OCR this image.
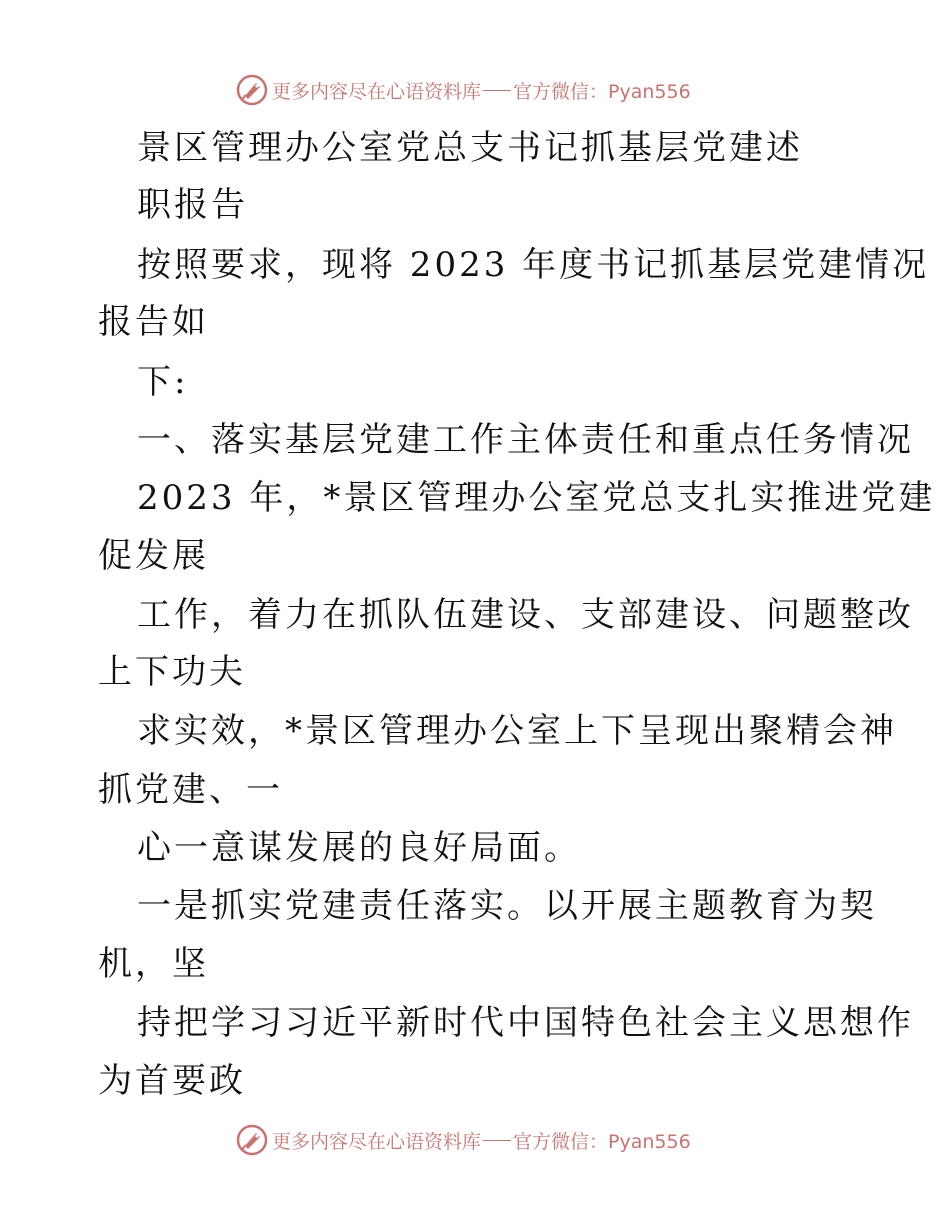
更多内容尽在心语资料库 官方微信：Pyan556
景区管理办公室党总支书记抓基层党建述
职报告
按照要求，现将 2023 年度书记抓基层党建情况
报告如
下:
一、落实基层党建工作主体责任和重点任务情况
2023 年，*景区管理办公室党总支扎实推进党建
促发展
工作，着力在抓队伍建设、支部建设、问题整改
上下功夫
求实效，*景区管理办公室上下呈现出聚精会神
抓党建、一
心一意谋发展的良好局面。
一是抓实党建责任落实。以开展主题教育为契
机，坚
持把学习习近平新时代中国特色社会主义思想作
为首要政
更多内容尽在心语资料库 官方微信：Pyan556
